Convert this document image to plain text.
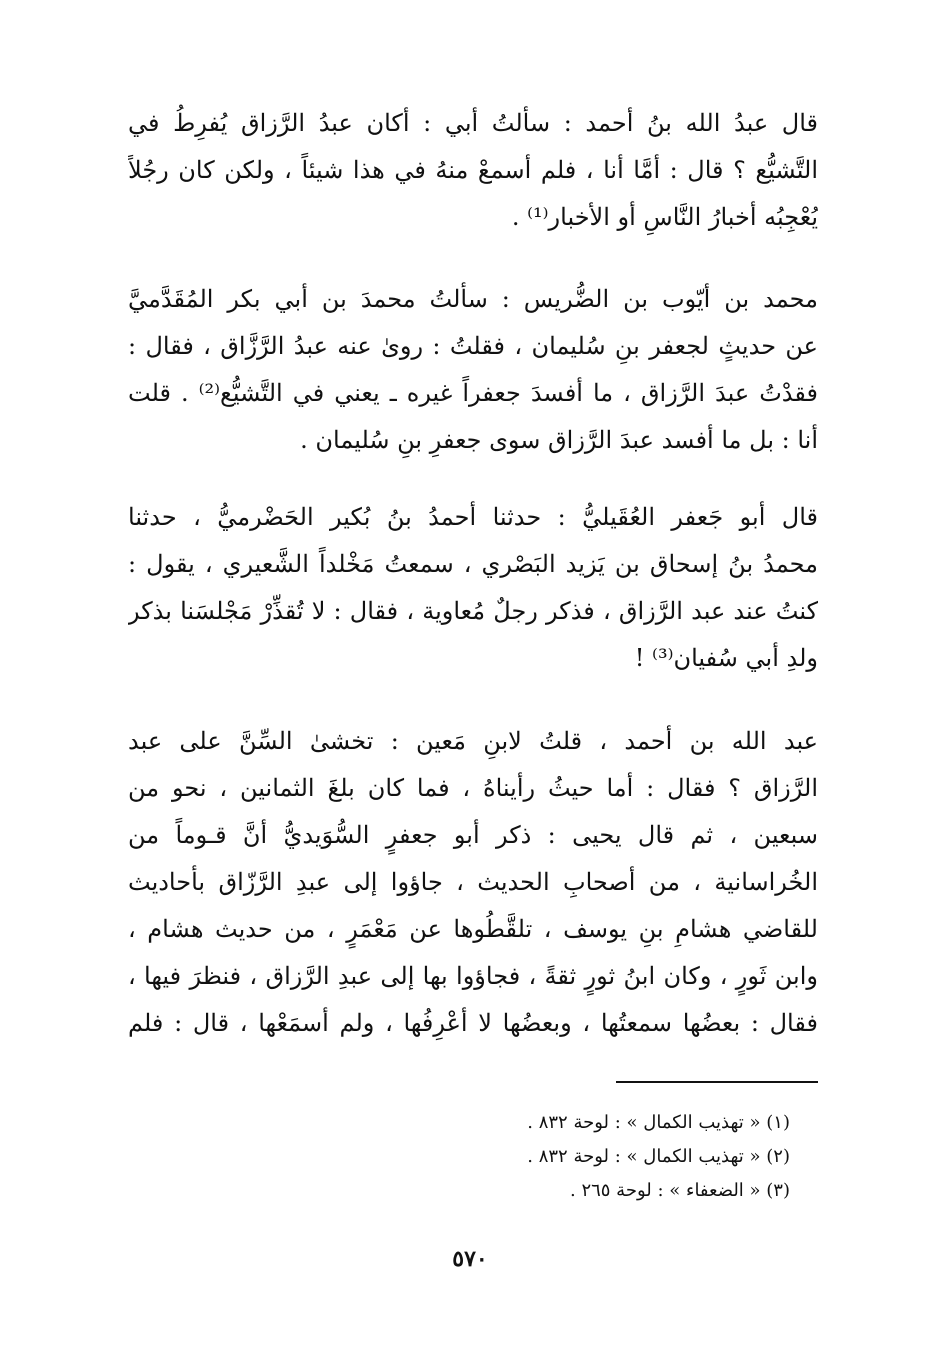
قال عبدُ الله بنُ أحمد : سألتُ أبي : أكان عبدُ الرَّزاق يُفرِطُ في
التَّشيُّع ؟ قال : أمَّا أنا ، فلم أسمعْ منهُ في هذا شيئاً ، ولكن كان رجُلاً
يُعْجِبُه أخبارُ النَّاسِ أو الأخبار⁽¹⁾ .
محمد بن أيّوب بن الضُّريس : سألتُ محمدَ بن أبي بكر المُقَدَّميَّ
عن حديثٍ لجعفر بنِ سُليمان ، فقلتُ : روىٰ عنه عبدُ الرَّزَّاق ، فقال :
فقدْتُ عبدَ الرَّزاق ، ما أفسدَ جعفراً غيره ـ يعني في التَّشيُّع⁽²⁾ . قلت
أنا : بل ما أفسد عبدَ الرَّزاق سوى جعفرِ بنِ سُليمان .
قال أبو جَعفر العُقَيليُّ : حدثنا أحمدُ بنُ بُكير الحَضْرميُّ ، حدثنا
محمدُ بنُ إسحاق بن يَزيد البَصْري ، سمعتُ مَخْلداً الشَّعيري ، يقول :
كنتُ عند عبد الرَّزاق ، فذكر رجلٌ مُعاوية ، فقال : لا تُقذِّرْ مَجْلسَنا بذكر
ولدِ أبي سُفيان⁽³⁾ !
عبد الله بن أحمد ، قلتُ لابنِ مَعين : تخشىٰ السِّنَّ على عبد
الرَّزاق ؟ فقال : أما حيثُ رأيناهُ ، فما كان بلغَ الثمانين ، نحو من
سبعين ، ثم قال يحيى : ذكر أبو جعفرٍ السُّوَيديُّ أنَّ قـوماً من
الخُراسانية ، من أصحابِ الحديث ، جاؤوا إلى عبدِ الرَّزّاق بأحاديث
للقاضي هشامِ بنِ يوسف ، تلقَّطُوها عن مَعْمَرٍ ، من حديث هشام ،
وابن ثَورٍ ، وكان ابنُ ثورٍ ثقةً ، فجاؤوا بها إلى عبدِ الرَّزاق ، فنظرَ فيها ،
فقال : بعضُها سمعتُها ، وبعضُها لا أعْرِفُها ، ولم أسمَعْها ، قال : فلم
(١) « تهذيب الكمال » : لوحة ٨٣٢ .
(٢) « تهذيب الكمال » : لوحة ٨٣٢ .
(٣) « الضعفاء » : لوحة ٢٦٥ .
٥٧٠
